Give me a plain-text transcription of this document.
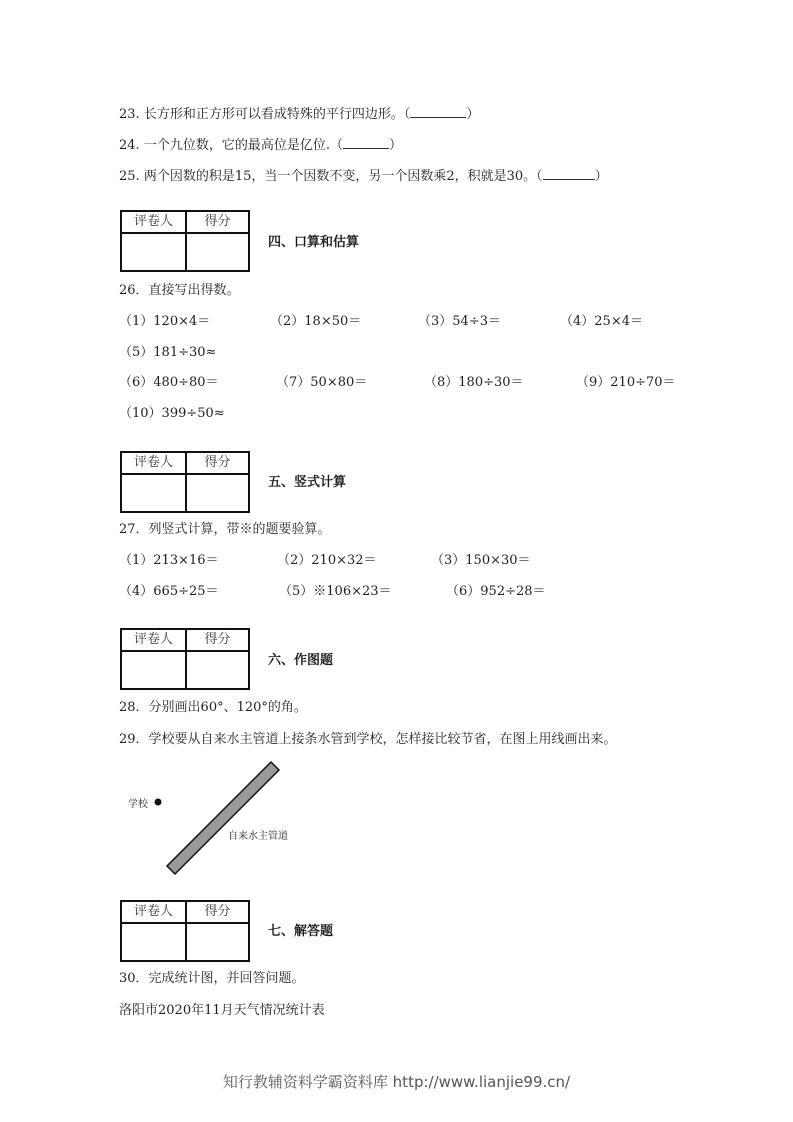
23. 长方形和正方形可以看成特殊的平行四边形。（	）
24. 一个九位数，它的最高位是亿位.（	）
25. 两个因数的积是15，当一个因数不变，另一个因数乘2，积就是30。（	）
评卷人	得分
四、口算和估算
26．直接写出得数。
（1）120×4＝	（2）18×50＝	（3）54÷3＝	（4）25×4＝
（5）181÷30≈
（6）480÷80＝	（7）50×80＝	（8）180÷30＝	（9）210÷70＝
（10）399÷50≈
评卷人	得分
五、竖式计算
27．列竖式计算，带※的题要验算。
（1）213×16＝	（2）210×32＝	（3）150×30＝
（4）665÷25＝	（5）※106×23＝	（6）952÷28＝
评卷人	得分
六、作图题
28．分别画出60°、120°的角。
29．学校要从自来水主管道上接条水管到学校，怎样接比较节省，在图上用线画出来。
学校
自来水主管道
评卷人	得分
七、解答题
30．完成统计图，并回答问题。
洛阳市2020年11月天气情况统计表
知行教辅资料学霸资料库 http://www.lianjie99.cn/
